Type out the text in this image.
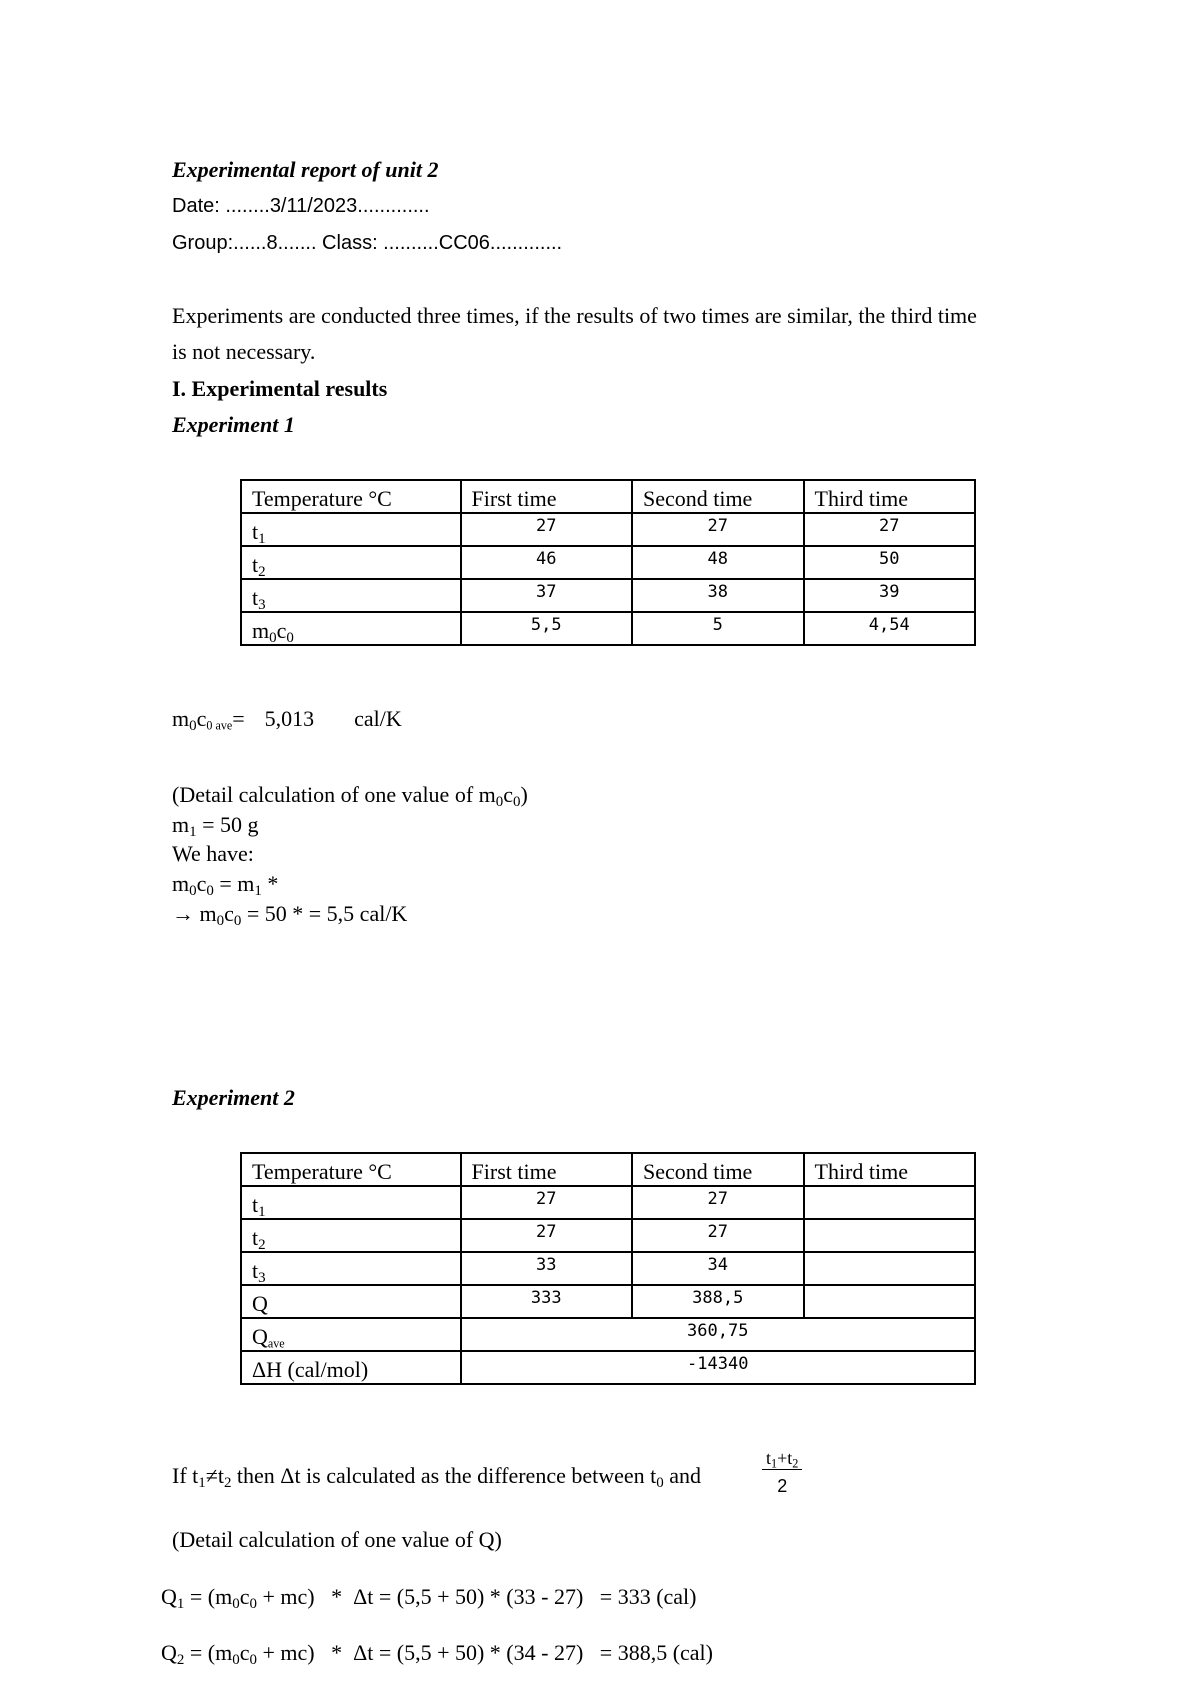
Experimental report of unit 2
Date: ........3/11/2023.............
Group:......8....... Class: ..........CC06.............
Experiments are conducted three times, if the results of two times are similar, the third time
is not necessary.
I. Experimental results
Experiment 1
Temperature °C	First time	Second time	Third time
$t_1$	27	27	27
$t_2$	46	48	50
$t_3$	37	38	39
$m_0c_0$	5,5	5	4,54
$m_0c_{0 ave}= 5,013$ cal/K
(Detail calculation of one value of $m_0c_0$)
$m_1 = 50$ g
We have:
$m_0c_0 = m_1$ *
→ $m_0c_0 = 50$ * = 5,5 cal/K
Experiment 2
Temperature °C	First time	Second time	Third time
$t_1$	27	27	
$t_2$	27	27	
$t_3$	33	34	
Q	333	388,5	
$Q_{ave}$	360,75		
ΔH (cal/mol)	-14340		
If $t_1\ne t_2$ then Δt is calculated as the difference between $t_0$ and	$\frac{t_1+t_2}{2}$
(Detail calculation of one value of Q)
$Q_1 = (m_0c_0 + mc) * \Delta t = (5,5 + 50) * (33 - 27) = 333$ (cal)
$Q_2 = (m_0c_0 + mc) * \Delta t = (5,5 + 50) * (34 - 27) = 388,5$ (cal)
